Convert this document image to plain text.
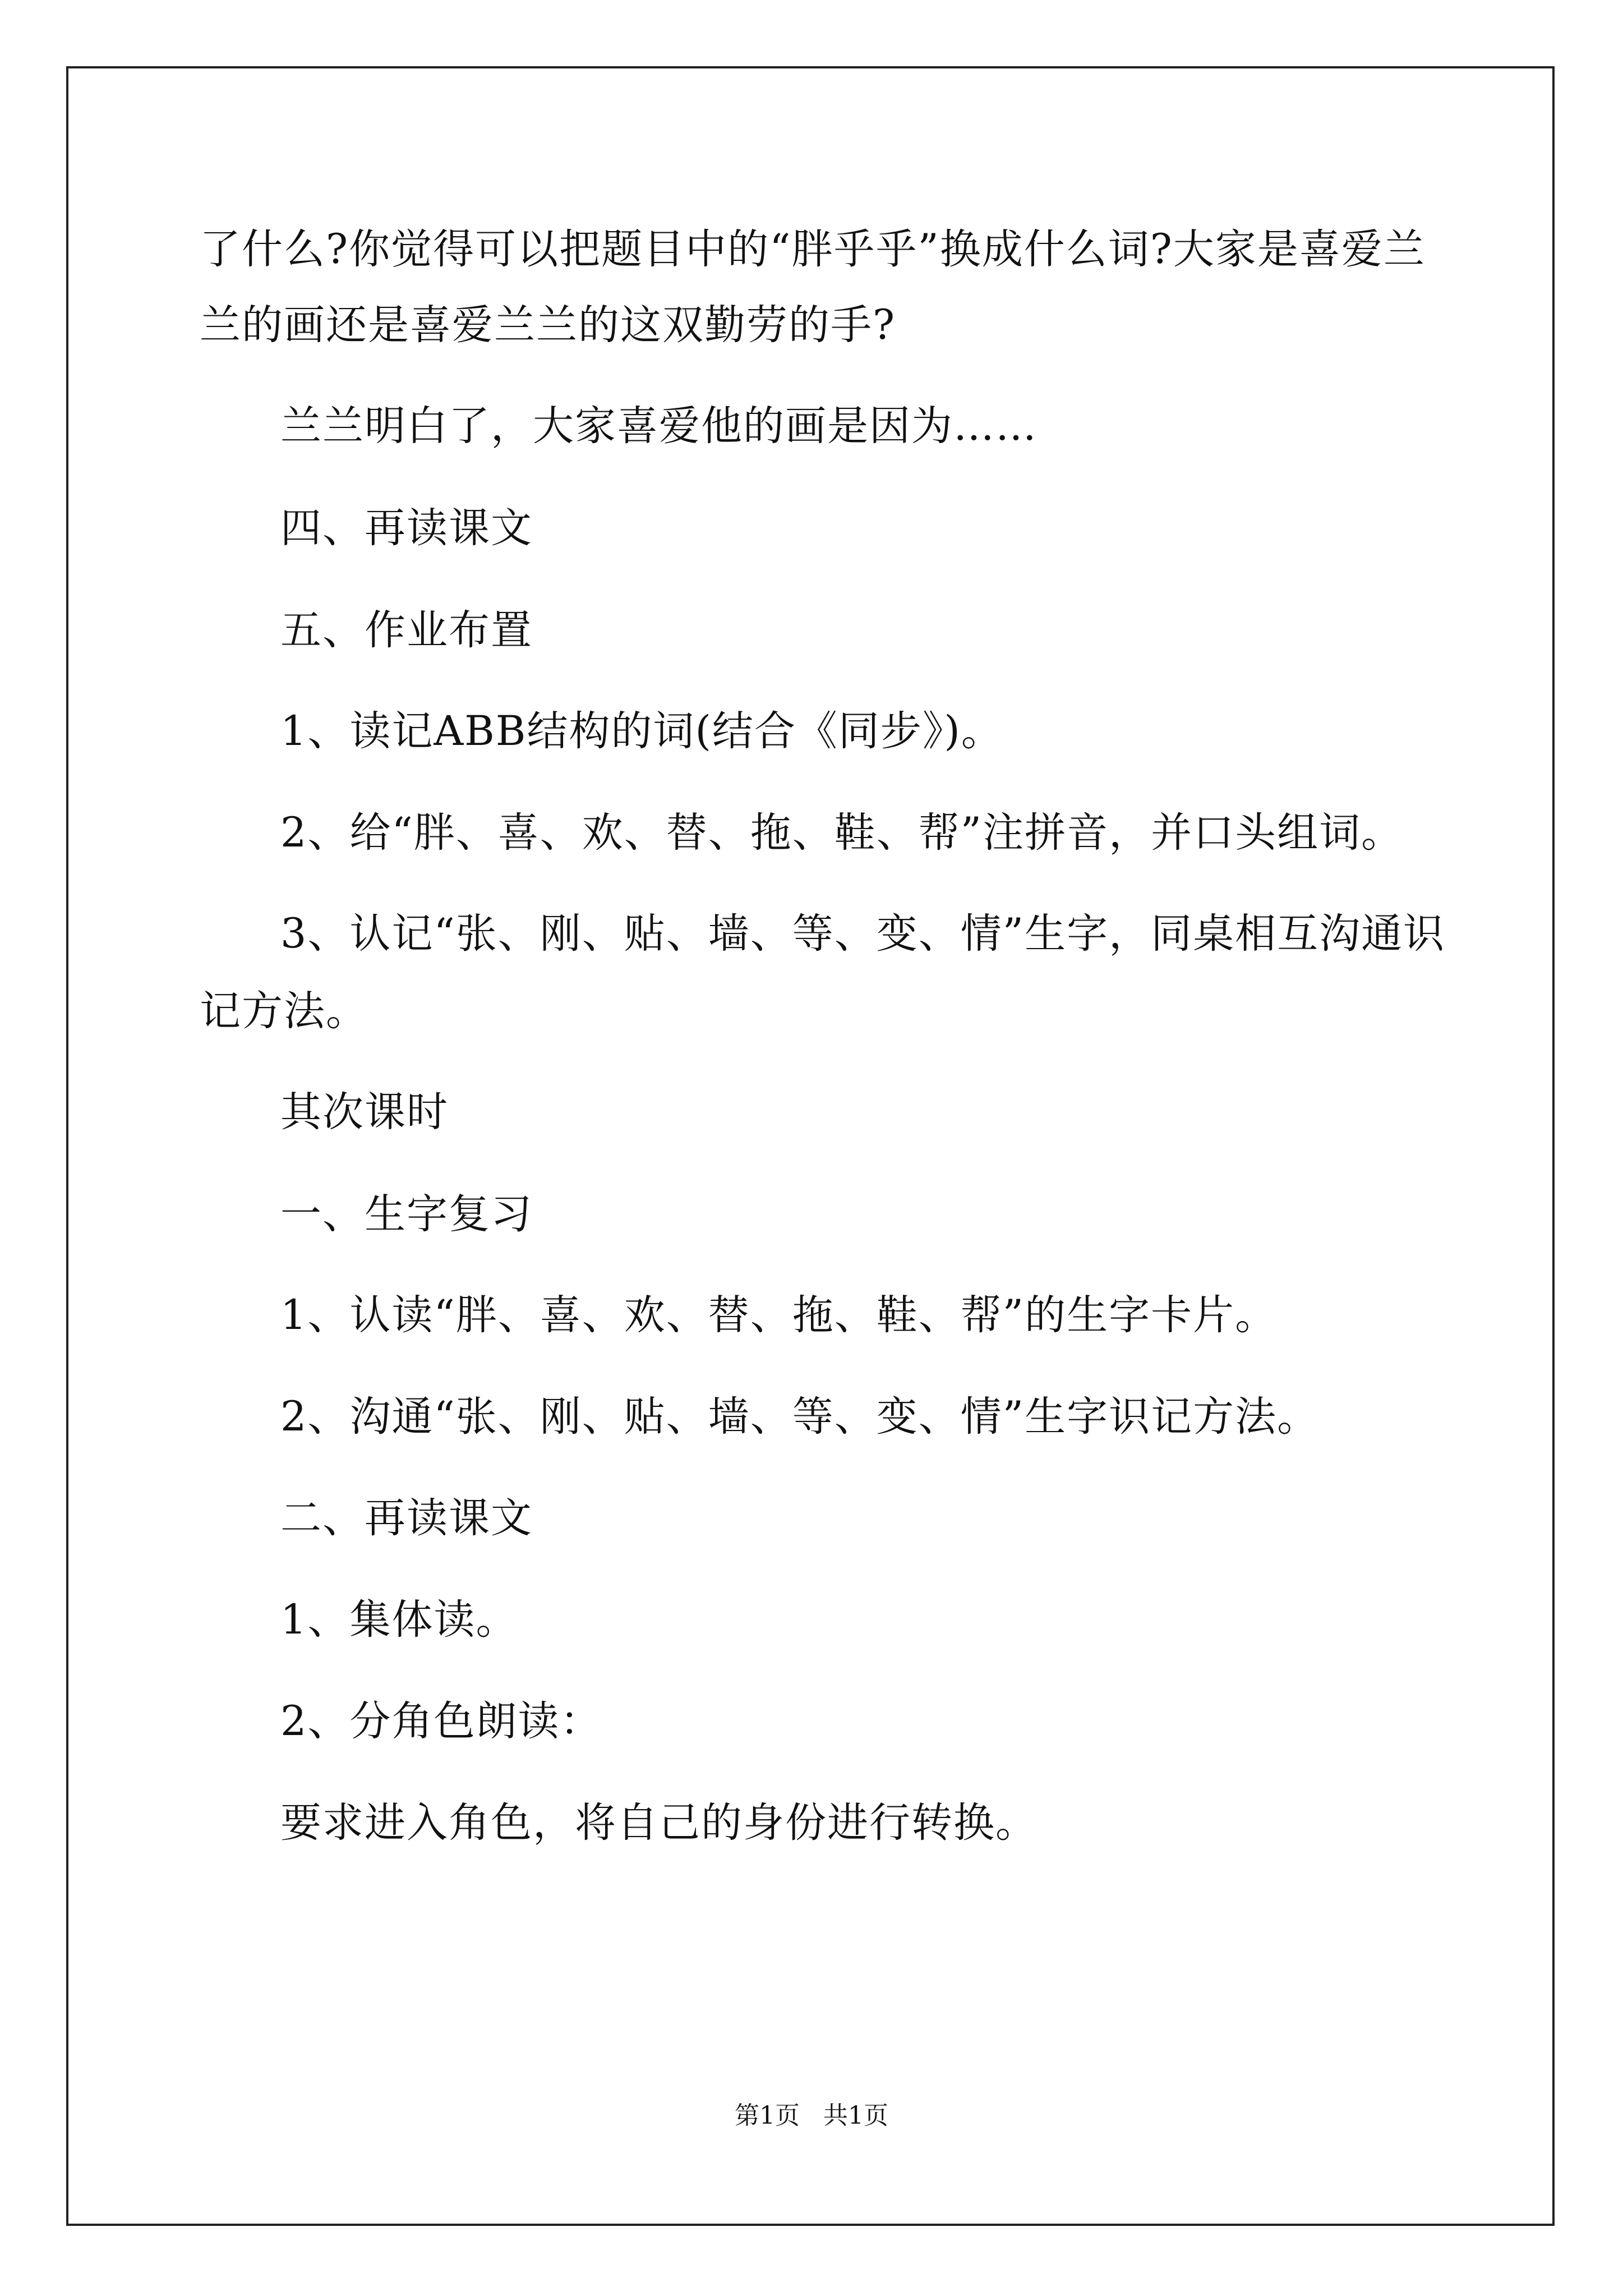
了什么?你觉得可以把题目中的“胖乎乎”换成什么词?大家是喜爱兰
兰的画还是喜爱兰兰的这双勤劳的手?
兰兰明白了，大家喜爱他的画是因为……
四、再读课文
五、作业布置
1、读记ABB结构的词(结合《同步》)。
2、给“胖、喜、欢、替、拖、鞋、帮”注拼音，并口头组词。
3、认记“张、刚、贴、墙、等、变、情”生字，同桌相互沟通识
记方法。
其次课时
一、生字复习
1、认读“胖、喜、欢、替、拖、鞋、帮”的生字卡片。
2、沟通“张、刚、贴、墙、等、变、情”生字识记方法。
二、再读课文
1、集体读。
2、分角色朗读：
要求进入角色，将自己的身份进行转换。
第1页   共1页
